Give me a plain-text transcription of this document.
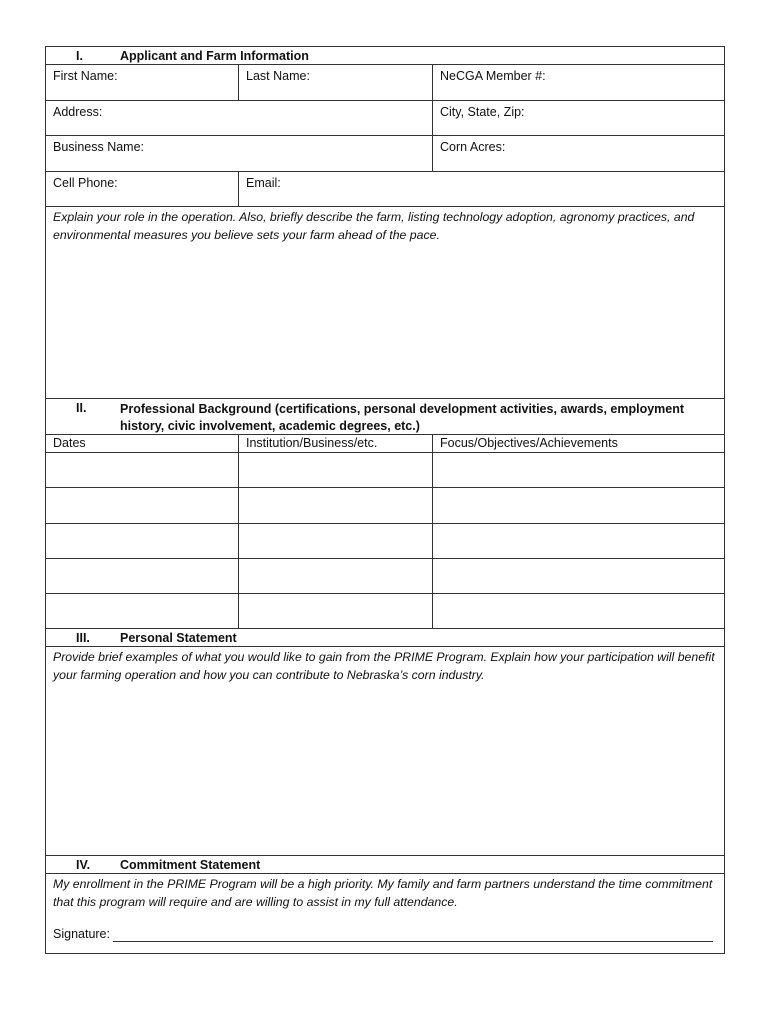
I.	Applicant and Farm Information
First Name:	Last Name:	NeCGA Member #:
Address:	City, State, Zip:
Business Name:	Corn Acres:
Cell Phone:	Email:
Explain your role in the operation. Also, briefly describe the farm, listing technology adoption, agronomy practices, and environmental measures you believe sets your farm ahead of the pace.
II.	Professional Background (certifications, personal development activities, awards, employment history, civic involvement, academic degrees, etc.)
Dates	Institution/Business/etc.	Focus/Objectives/Achievements
III. Personal Statement
Provide brief examples of what you would like to gain from the PRIME Program. Explain how your participation will benefit your farming operation and how you can contribute to Nebraska’s corn industry.
IV. Commitment Statement
My enrollment in the PRIME Program will be a high priority. My family and farm partners understand the time commitment that this program will require and are willing to assist in my full attendance.
Signature:
